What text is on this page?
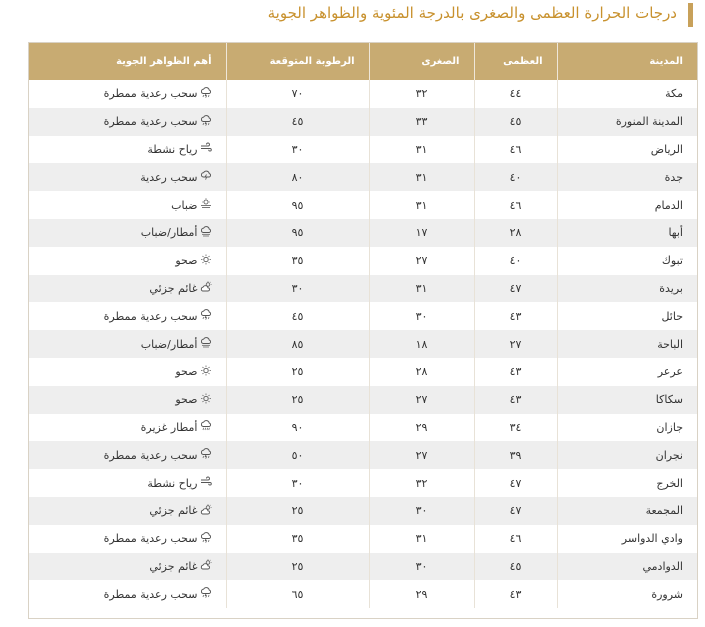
درجات الحرارة العظمى والصغرى بالدرجة المئوية والظواهر الجوية
المدينة	العظمى	الصغرى	الرطوبة المتوقعة	أهم الظواهر الجوية
مكة	٤٤	٣٢	٧٠	سحب رعدية ممطرة

المدينة المنورة	٤٥	٣٣	٤٥	سحب رعدية ممطرة

الرياض	٤٦	٣١	٣٠	رياح نشطة

جدة	٤٠	٣١	٨٠	سحب رعدية

الدمام	٤٦	٣١	٩٥	ضباب

أبها	٢٨	١٧	٩٥	أمطار/ضباب

تبوك	٤٠	٢٧	٣٥	صحو

بريدة	٤٧	٣١	٣٠	غائم جزئي

حائل	٤٣	٣٠	٤٥	سحب رعدية ممطرة

الباحة	٢٧	١٨	٨٥	أمطار/ضباب

عرعر	٤٣	٢٨	٢٥	صحو

سكاكا	٤٣	٢٧	٢٥	صحو

جازان	٣٤	٢٩	٩٠	أمطار غزيرة

نجران	٣٩	٢٧	٥٠	سحب رعدية ممطرة

الخرج	٤٧	٣٢	٣٠	رياح نشطة

المجمعة	٤٧	٣٠	٢٥	غائم جزئي

وادي الدواسر	٤٦	٣١	٣٥	سحب رعدية ممطرة

الدوادمي	٤٥	٣٠	٢٥	غائم جزئي

شرورة	٤٣	٢٩	٦٥	سحب رعدية ممطرة
